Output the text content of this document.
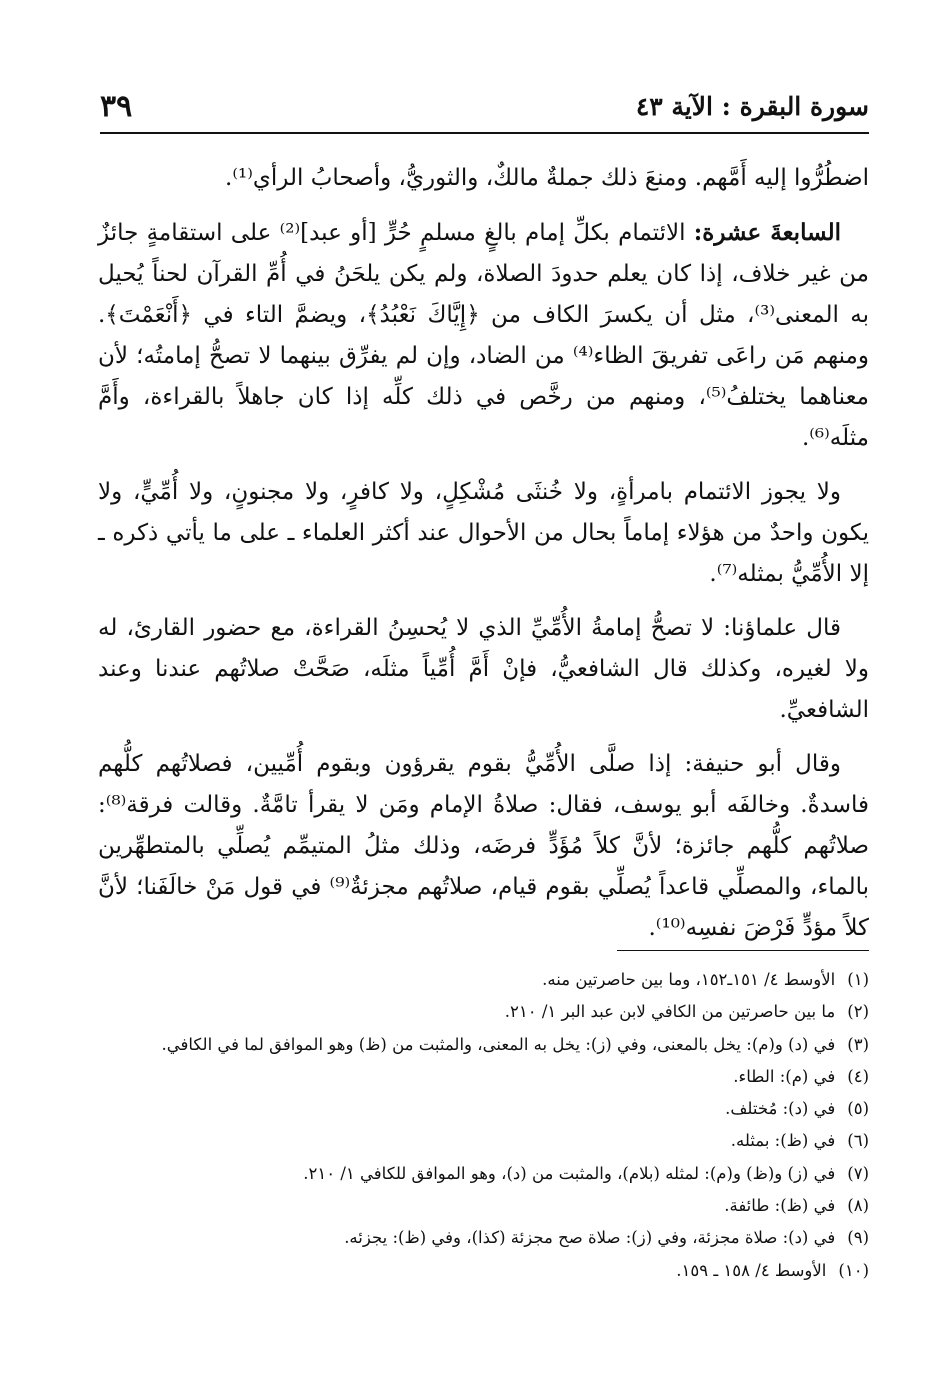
سورة البقرة : الآية ٤٣
٣٩

اضطُرُّوا إليه أَمَّهم. ومنعَ ذلك جملةٌ مالكٌ، والثوريُّ، وأصحابُ الرأي⁽¹⁾.

السابعةَ عشرة: الائتمام بكلِّ إمام بالغٍ مسلمٍ حُرٍّ [أو عبد]⁽²⁾ على استقامةٍ جائزٌ من غير خلاف، إذا كان يعلم حدودَ الصلاة، ولم يكن يلحَنُ في أُمِّ القرآن لحناً يُحيل به المعنى⁽³⁾، مثل أن يكسرَ الكاف من ﴿إِيَّاكَ نَعْبُدُ﴾، ويضمَّ التاء في ﴿أَنْعَمْتَ﴾. ومنهم مَن راعَى تفريقَ الظاء⁽⁴⁾ من الضاد، وإن لم يفرِّق بينهما لا تصحُّ إمامتُه؛ لأن معناهما يختلفُ⁽⁵⁾، ومنهم من رخَّص في ذلك كلِّه إذا كان جاهلاً بالقراءة، وأَمَّ مثلَه⁽⁶⁾.

ولا يجوز الائتمام بامرأةٍ، ولا خُنثَى مُشْكِلٍ، ولا كافرٍ، ولا مجنونٍ، ولا أُمِّيٍّ، ولا يكون واحدٌ من هؤلاء إماماً بحال من الأحوال عند أكثر العلماء ـ على ما يأتي ذكره ـ إلا الأُمِّيُّ بمثله⁽⁷⁾.

قال علماؤنا: لا تصحُّ إمامةُ الأُمِّيِّ الذي لا يُحسِنُ القراءة، مع حضور القارئ، له ولا لغيره، وكذلك قال الشافعيُّ، فإنْ أَمَّ أُمِّياً مثلَه، صَحَّتْ صلاتُهم عندنا وعند الشافعيِّ.

وقال أبو حنيفة: إذا صلَّى الأُمِّيُّ بقوم يقرؤون وبقوم أُمِّيين، فصلاتُهم كلُّهم فاسدةٌ. وخالفَه أبو يوسف، فقال: صلاةُ الإمام ومَن لا يقرأ تامَّةٌ. وقالت فرقة⁽⁸⁾: صلاتُهم كلُّهم جائزة؛ لأنَّ كلاً مُؤَدٍّ فرضَه، وذلك مثلُ المتيمِّم يُصلِّي بالمتطهِّرين بالماء، والمصلِّي قاعداً يُصلِّي بقوم قيام، صلاتُهم مجزئةٌ⁽⁹⁾ في قول مَنْ خالَفَنا؛ لأنَّ كلاً مؤدٍّ فَرْضَ نفسِه⁽¹⁰⁾.

(١)
الأوسط ٤/ ١٥١ـ١٥٢، وما بين حاصرتين منه.
(٢)
ما بين حاصرتين من الكافي لابن عبد البر ١/ ٢١٠.
(٣)
في (د) و(م): يخل بالمعنى، وفي (ز): يخل به المعنى، والمثبت من (ظ) وهو الموافق لما في الكافي.
(٤)
في (م): الطاء.
(٥)
في (د): مُختلف.
(٦)
في (ظ): بمثله.
(٧)
في (ز) و(ظ) و(م): لمثله (بلام)، والمثبت من (د)، وهو الموافق للكافي ١/ ٢١٠.
(٨)
في (ظ): طائفة.
(٩)
في (د): صلاة مجزئة، وفي (ز): صلاة صح مجزئة (كذا)، وفي (ظ): يجزئه.
(١٠)
الأوسط ٤/ ١٥٨ ـ ١٥٩.
